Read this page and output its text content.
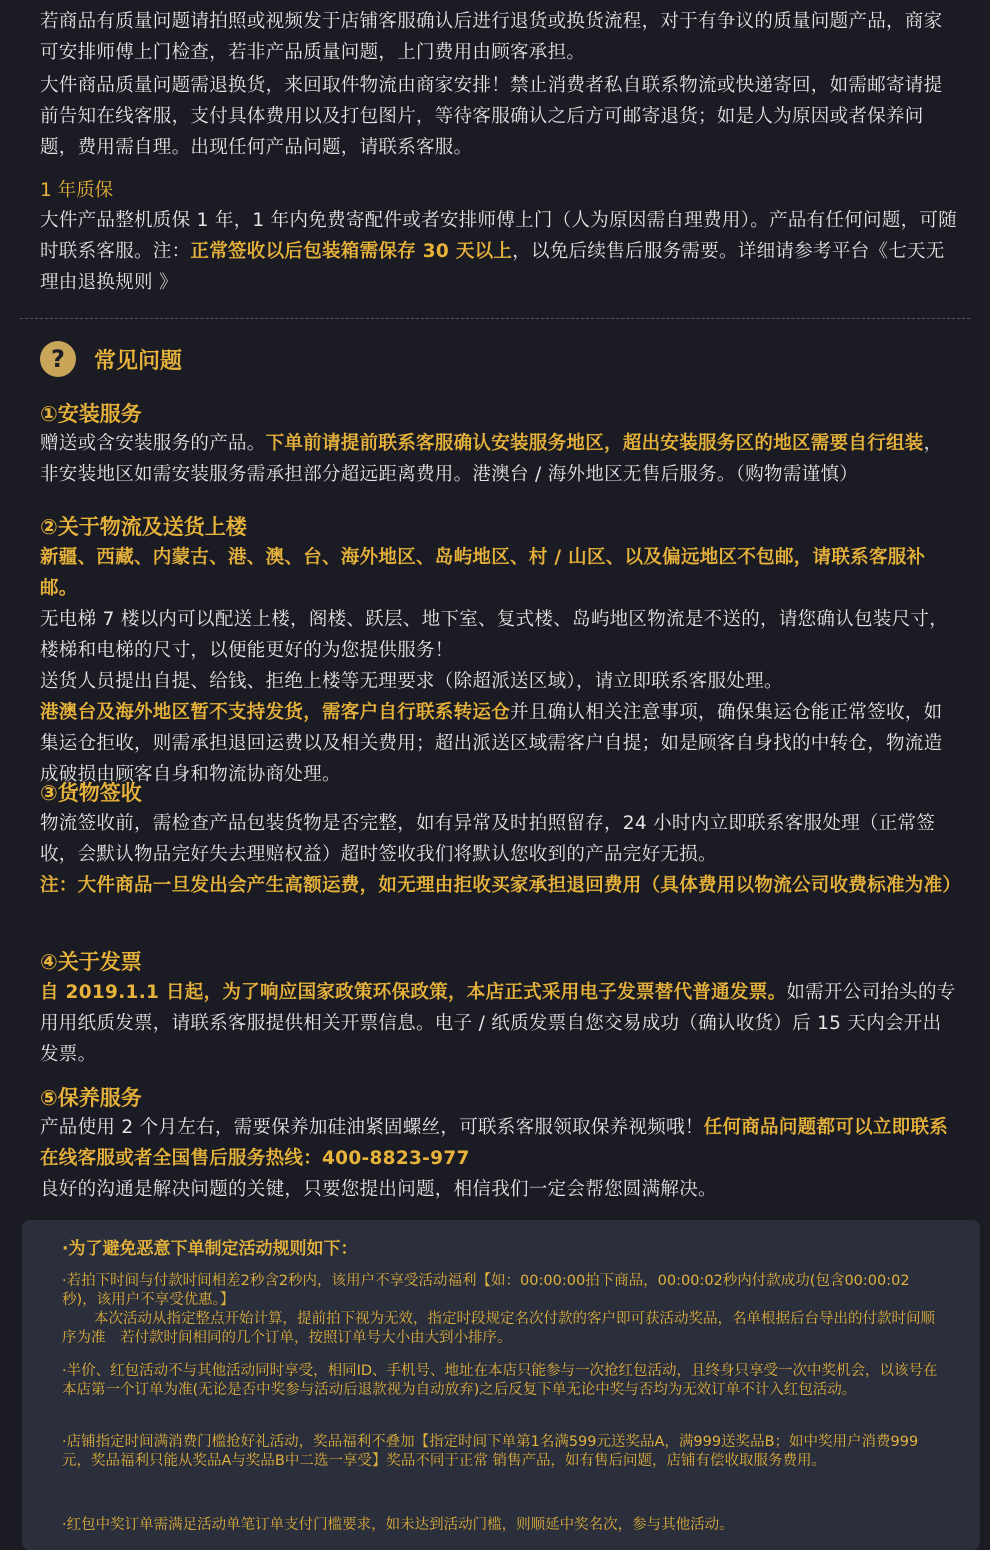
若商品有质量问题请拍照或视频发于店铺客服确认后进行退货或换货流程，对于有争议的质量问题产品，商家可安排师傅上门检查，若非产品质量问题，上门费用由顾客承担。
大件商品质量问题需退换货，来回取件物流由商家安排！禁止消费者私自联系物流或快递寄回，如需邮寄请提前告知在线客服，支付具体费用以及打包图片，等待客服确认之后方可邮寄退货；如是人为原因或者保养问题，费用需自理。出现任何产品问题，请联系客服。
1 年质保
大件产品整机质保 1 年，1 年内免费寄配件或者安排师傅上门（人为原因需自理费用）。产品有任何问题，可随时联系客服。注：正常签收以后包装箱需保存 30 天以上，以免后续售后服务需要。详细请参考平台《七天无理由退换规则 》
?	常见问题
①安装服务
赠送或含安装服务的产品。下单前请提前联系客服确认安装服务地区，超出安装服务区的地区需要自行组装，非安装地区如需安装服务需承担部分超远距离费用。港澳台 / 海外地区无售后服务。（购物需谨慎）
②关于物流及送货上楼
新疆、西藏、内蒙古、港、澳、台、海外地区、岛屿地区、村 / 山区、以及偏远地区不包邮，请联系客服补邮。
无电梯 7 楼以内可以配送上楼，阁楼、跃层、地下室、复式楼、岛屿地区物流是不送的，请您确认包装尺寸，楼梯和电梯的尺寸，以便能更好的为您提供服务！
送货人员提出自提、给钱、拒绝上楼等无理要求（除超派送区域），请立即联系客服处理。
港澳台及海外地区暂不支持发货，需客户自行联系转运仓并且确认相关注意事项，确保集运仓能正常签收，如集运仓拒收，则需承担退回运费以及相关费用；超出派送区域需客户自提；如是顾客自身找的中转仓，物流造成破损由顾客自身和物流协商处理。
③货物签收
物流签收前，需检查产品包装货物是否完整，如有异常及时拍照留存，24 小时内立即联系客服处理（正常签收，会默认物品完好失去理赔权益）超时签收我们将默认您收到的产品完好无损。
注：大件商品一旦发出会产生高额运费，如无理由拒收买家承担退回费用（具体费用以物流公司收费标准为准）
④关于发票
自 2019.1.1 日起，为了响应国家政策环保政策，本店正式采用电子发票替代普通发票。如需开公司抬头的专用用纸质发票，请联系客服提供相关开票信息。电子 / 纸质发票自您交易成功（确认收货）后 15 天内会开出发票。
⑤保养服务
产品使用 2 个月左右，需要保养加硅油紧固螺丝，可联系客服领取保养视频哦！任何商品问题都可以立即联系在线客服或者全国售后服务热线：400-8823-977
良好的沟通是解决问题的关键，只要您提出问题，相信我们一定会帮您圆满解决。
·为了避免恶意下单制定活动规则如下：
·若拍下时间与付款时间相差2秒含2秒内，该用户不享受活动福利【如：00:00:00拍下商品，00:00:02秒内付款成功(包含00:00:02秒)，该用户不享受优惠。】
本次活动从指定整点开始计算，提前拍下视为无效，指定时段规定名次付款的客户即可获活动奖品，名单根据后台导出的付款时间顺序为准　若付款时间相同的几个订单，按照订单号大小由大到小排序。
·半价、红包活动不与其他活动同时享受，相同ID、手机号、地址在本店只能参与一次抢红包活动，且终身只享受一次中奖机会，以该号在本店第一个订单为准(无论是否中奖参与活动后退款视为自动放弃)之后反复下单无论中奖与否均为无效订单不计入红包活动。
·店铺指定时间满消费门槛抢好礼活动，奖品福利不叠加【指定时间下单第1名满599元送奖品A，满999送奖品B；如中奖用户消费999元，奖品福利只能从奖品A与奖品B中二选一享受】奖品不同于正常 销售产品，如有售后问题，店铺有偿收取服务费用。
·红包中奖订单需满足活动单笔订单支付门槛要求，如未达到活动门槛，则顺延中奖名次，参与其他活动。
